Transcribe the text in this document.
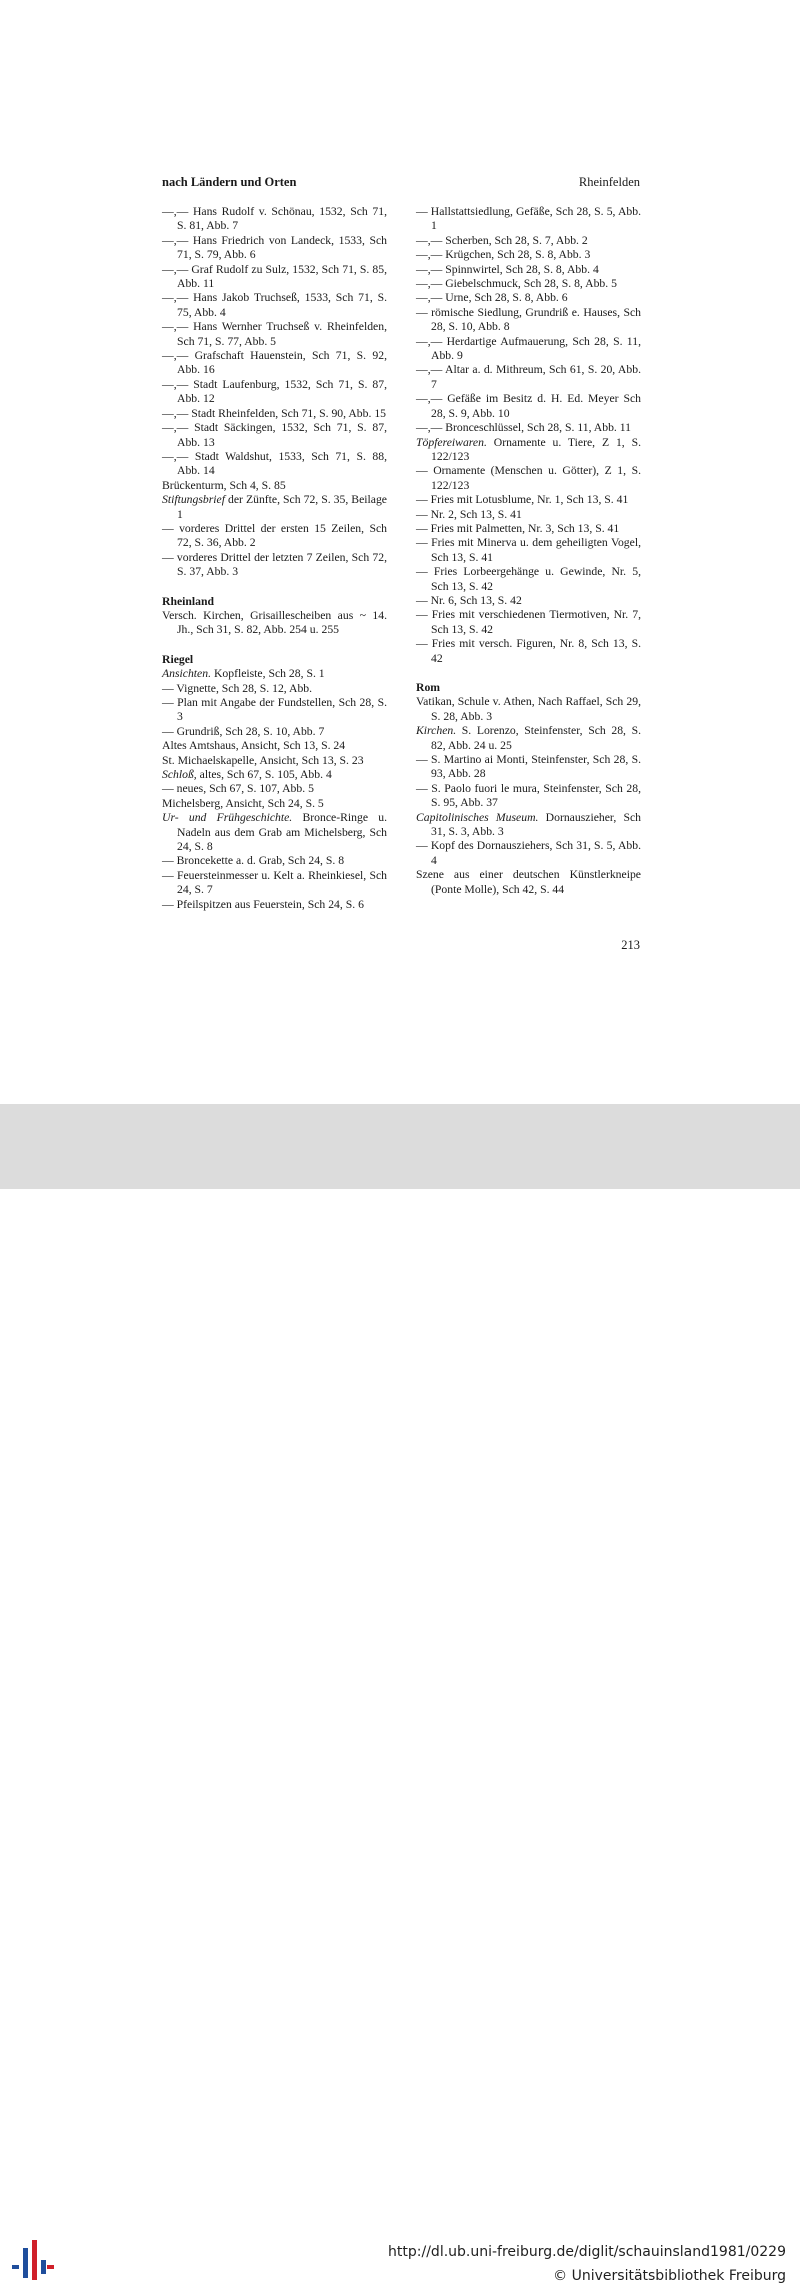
nach Ländern und Orten	Rheinfelden

—,— Hans Rudolf v. Schönau, 1532, Sch 71, S. 81, Abb. 7

—,— Hans Friedrich von Landeck, 1533, Sch 71, S. 79, Abb. 6

—,— Graf Rudolf zu Sulz, 1532, Sch 71, S. 85, Abb. 11

—,— Hans Jakob Truchseß, 1533, Sch 71, S. 75, Abb. 4

—,— Hans Wernher Truchseß v. Rheinfelden, Sch 71, S. 77, Abb. 5

—,— Grafschaft Hauenstein, Sch 71, S. 92, Abb. 16

—,— Stadt Laufenburg, 1532, Sch 71, S. 87, Abb. 12

—,— Stadt Rheinfelden, Sch 71, S. 90, Abb. 15

—,— Stadt Säckingen, 1532, Sch 71, S. 87, Abb. 13

—,— Stadt Waldshut, 1533, Sch 71, S. 88, Abb. 14

Brückenturm, Sch 4, S. 85

Stiftungsbrief der Zünfte, Sch 72, S. 35, Beilage 1

— vorderes Drittel der ersten 15 Zeilen, Sch 72, S. 36, Abb. 2

— vorderes Drittel der letzten 7 Zeilen, Sch 72, S. 37, Abb. 3

Rheinland

Versch. Kirchen, Grisaillescheiben aus ~ 14. Jh., Sch 31, S. 82, Abb. 254 u. 255

Riegel

Ansichten. Kopfleiste, Sch 28, S. 1

— Vignette, Sch 28, S. 12, Abb.

— Plan mit Angabe der Fundstellen, Sch 28, S. 3

— Grundriß, Sch 28, S. 10, Abb. 7

Altes Amtshaus, Ansicht, Sch 13, S. 24

St. Michaelskapelle, Ansicht, Sch 13, S. 23

Schloß, altes, Sch 67, S. 105, Abb. 4

— neues, Sch 67, S. 107, Abb. 5

Michelsberg, Ansicht, Sch 24, S. 5

Ur- und Frühgeschichte. Bronce-Ringe u. Nadeln aus dem Grab am Michelsberg, Sch 24, S. 8

— Broncekette a. d. Grab, Sch 24, S. 8

— Feuersteinmesser u. Kelt a. Rheinkiesel, Sch 24, S. 7

— Pfeilspitzen aus Feuerstein, Sch 24, S. 6

— Hallstattsiedlung, Gefäße, Sch 28, S. 5, Abb. 1

—,— Scherben, Sch 28, S. 7, Abb. 2

—,— Krügchen, Sch 28, S. 8, Abb. 3

—,— Spinnwirtel, Sch 28, S. 8, Abb. 4

—,— Giebelschmuck, Sch 28, S. 8, Abb. 5

—,— Urne, Sch 28, S. 8, Abb. 6

— römische Siedlung, Grundriß e. Hauses, Sch 28, S. 10, Abb. 8

—,— Herdartige Aufmauerung, Sch 28, S. 11, Abb. 9

—,— Altar a. d. Mithreum, Sch 61, S. 20, Abb. 7

—,— Gefäße im Besitz d. H. Ed. Meyer Sch 28, S. 9, Abb. 10

—,— Bronceschlüssel, Sch 28, S. 11, Abb. 11

Töpfereiwaren. Ornamente u. Tiere, Z 1, S. 122/123

— Ornamente (Menschen u. Götter), Z 1, S. 122/123

— Fries mit Lotusblume, Nr. 1, Sch 13, S. 41

— Nr. 2, Sch 13, S. 41

— Fries mit Palmetten, Nr. 3, Sch 13, S. 41

— Fries mit Minerva u. dem geheiligten Vogel, Sch 13, S. 41

— Fries Lorbeergehänge u. Gewinde, Nr. 5, Sch 13, S. 42

— Nr. 6, Sch 13, S. 42

— Fries mit verschiedenen Tiermotiven, Nr. 7, Sch 13, S. 42

— Fries mit versch. Figuren, Nr. 8, Sch 13, S. 42

Rom

Vatikan, Schule v. Athen, Nach Raffael, Sch 29, S. 28, Abb. 3

Kirchen. S. Lorenzo, Steinfenster, Sch 28, S. 82, Abb. 24 u. 25

— S. Martino ai Monti, Steinfenster, Sch 28, S. 93, Abb. 28

— S. Paolo fuori le mura, Steinfenster, Sch 28, S. 95, Abb. 37

Capitolinisches Museum. Dornauszieher, Sch 31, S. 3, Abb. 3

— Kopf des Dornausziehers, Sch 31, S. 5, Abb. 4

Szene aus einer deutschen Künstlerkneipe (Ponte Molle), Sch 42, S. 44

213
http://dl.ub.uni-freiburg.de/diglit/schauinsland1981/0229
© Universitätsbibliothek Freiburg
